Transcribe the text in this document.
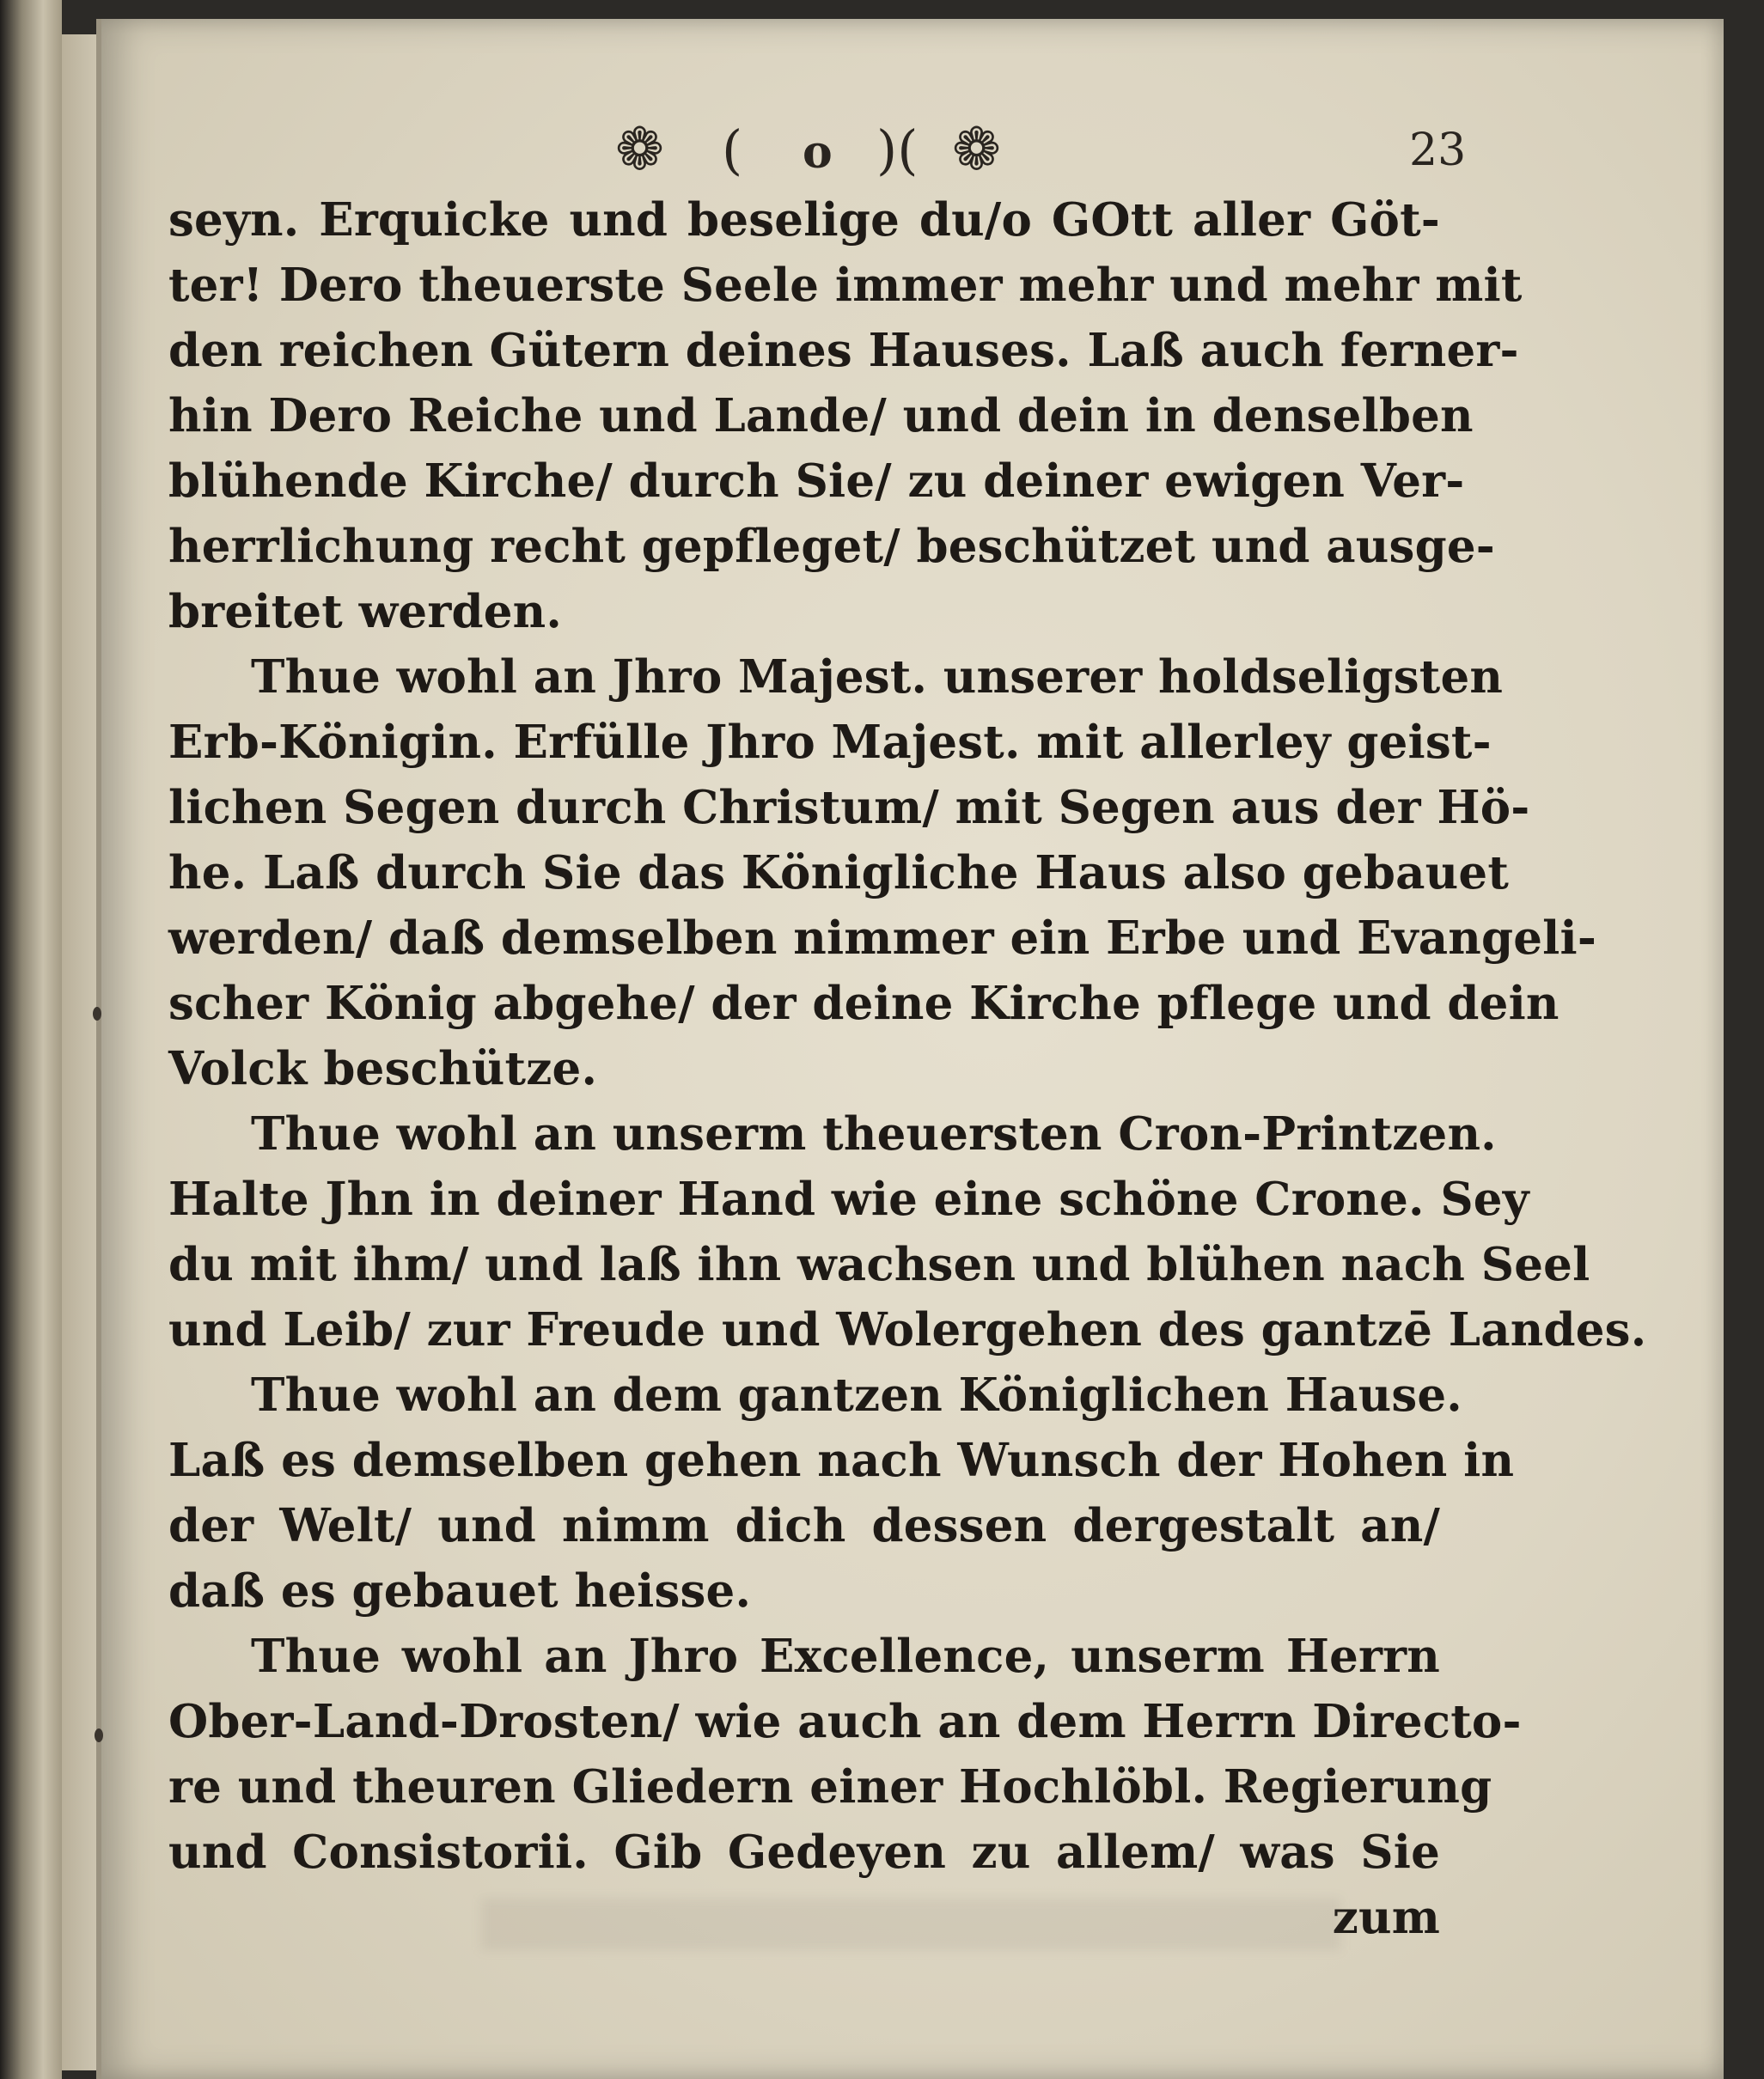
❁ ( o )( ❁	23
seyn. Erquicke und beselige du/o GOtt aller Göt-
ter! Dero theuerste Seele immer mehr und mehr mit
den reichen Gütern deines Hauses. Laß auch ferner-
hin Dero Reiche und Lande/ und dein in denselben
blühende Kirche/ durch Sie/ zu deiner ewigen Ver-
herrlichung recht gepfleget/ beschützet und ausge-
breitet werden.
Thue wohl an Jhro Majest. unserer holdseligsten
Erb-Königin. Erfülle Jhro Majest. mit allerley geist-
lichen Segen durch Christum/ mit Segen aus der Hö-
he. Laß durch Sie das Königliche Haus also gebauet
werden/ daß demselben nimmer ein Erbe und Evangeli-
scher König abgehe/ der deine Kirche pflege und dein
Volck beschütze.
Thue wohl an unserm theuersten Cron-Printzen.
Halte Jhn in deiner Hand wie eine schöne Crone. Sey
du mit ihm/ und laß ihn wachsen und blühen nach Seel
und Leib/ zur Freude und Wolergehen des gantzē Landes.
Thue wohl an dem gantzen Königlichen Hause.
Laß es demselben gehen nach Wunsch der Hohen in
der Welt/ und nimm dich dessen dergestalt an/
daß es gebauet heisse.
Thue wohl an Jhro Excellence, unserm Herrn
Ober-Land-Drosten/ wie auch an dem Herrn Directo-
re und theuren Gliedern einer Hochlöbl. Regierung
und Consistorii. Gib Gedeyen zu allem/ was Sie
zum
